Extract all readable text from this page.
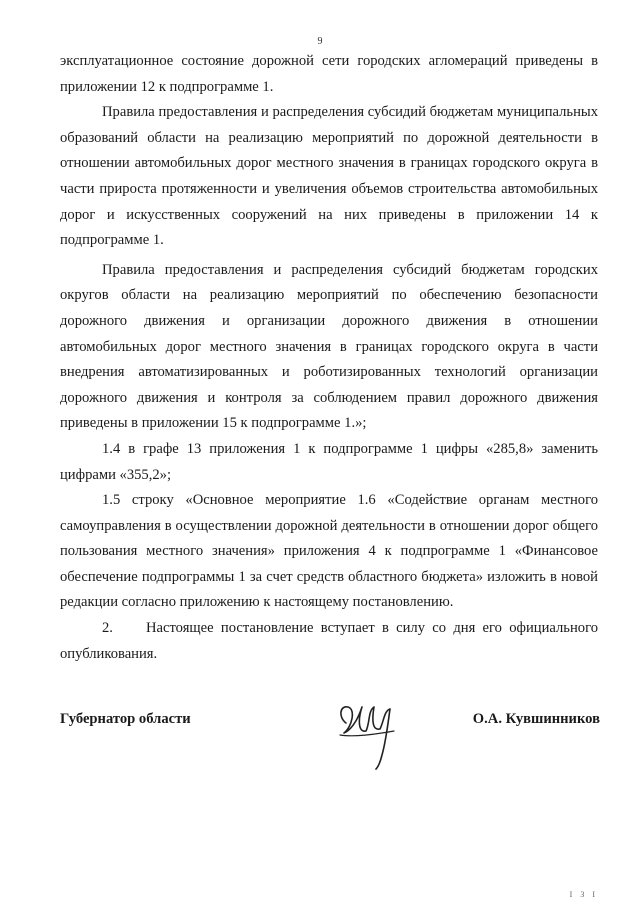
9

эксплуатационное состояние дорожной сети городских агломераций приведены в приложении 12 к подпрограмме 1.

Правила предоставления и распределения субсидий бюджетам муниципальных образований области на реализацию мероприятий по дорожной деятельности в отношении автомобильных дорог местного значения в границах городского округа в части прироста протяженности и увеличения объемов строительства автомобильных дорог и искусственных сооружений на них приведены в приложении 14 к подпрограмме 1.

Правила предоставления и распределения субсидий бюджетам городских округов области на реализацию мероприятий по обеспечению безопасности дорожного движения и организации дорожного движения в отношении автомобильных дорог местного значения в границах городского округа в части внедрения автоматизированных и роботизированных технологий организации дорожного движения и контроля за соблюдением правил дорожного движения приведены в приложении 15 к подпрограмме 1.»;

1.4 в графе 13 приложения 1 к подпрограмме 1 цифры «285,8» заменить цифрами «355,2»;

1.5 строку «Основное мероприятие 1.6 «Содействие органам местного самоуправления в осуществлении дорожной деятельности в отношении дорог общего пользования местного значения» приложения 4 к подпрограмме 1 «Финансовое обеспечение подпрограммы 1 за счет средств областного бюджета» изложить в новой редакции согласно приложению к настоящему постановлению.

2. Настоящее постановление вступает в силу со дня его официального опубликования.

Губернатор области	О.А. Кувшинников
I 3 I
